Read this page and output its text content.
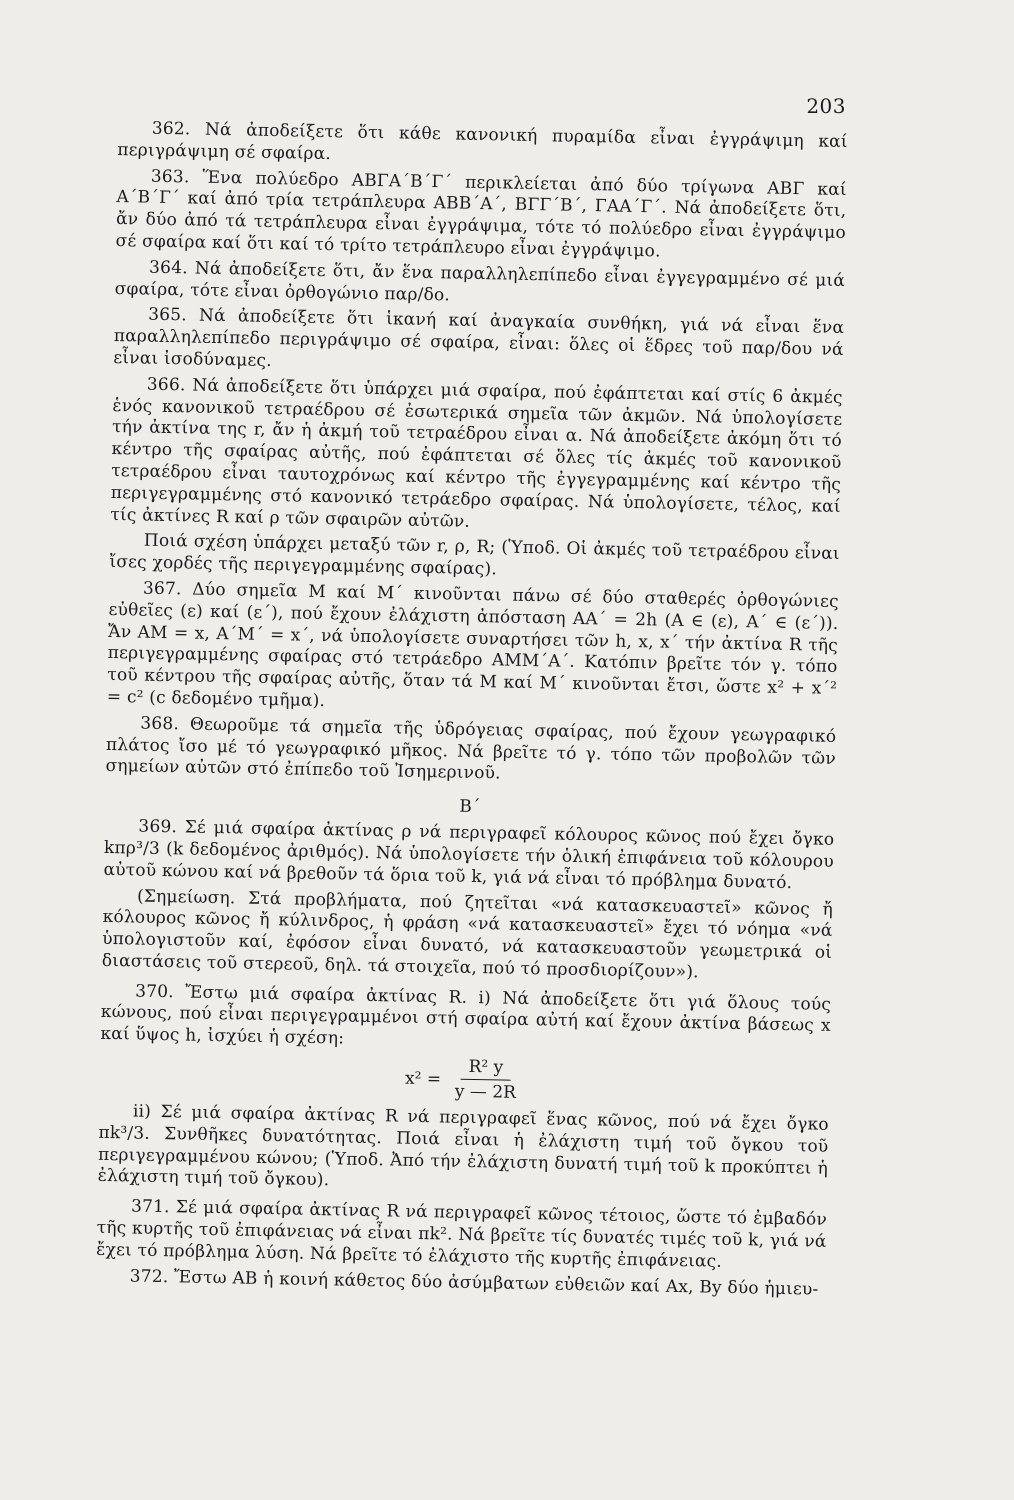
203

362. Νά ἀποδείξετε ὅτι κάθε κανονική πυραμίδα εἶναι ἐγγράψιμη καί περιγράψιμη σέ σφαίρα.

363. Ἕνα πολύεδρο ΑΒΓΑ΄Β΄Γ΄ περικλείεται ἀπό δύο τρίγωνα ΑΒΓ καί Α΄Β΄Γ΄ καί ἀπό τρία τετράπλευρα ΑΒΒ΄Α΄, ΒΓΓ΄Β΄, ΓΑΑ΄Γ΄. Νά ἀποδείξετε ὅτι, ἄν δύο ἀπό τά τετράπλευρα εἶναι ἐγγράψιμα, τότε τό πολύεδρο εἶναι ἐγγράψιμο σέ σφαίρα καί ὅτι καί τό τρίτο τετράπλευρο εἶναι ἐγγράψιμο.

364. Νά ἀποδείξετε ὅτι, ἄν ἕνα παραλληλεπίπεδο εἶναι ἐγγεγραμμένο σέ μιά σφαίρα, τότε εἶναι ὀρθογώνιο παρ/δο.

365. Νά ἀποδείξετε ὅτι ἱκανή καί ἀναγκαία συνθήκη, γιά νά εἶναι ἕνα παραλληλεπίπεδο περιγράψιμο σέ σφαίρα, εἶναι: ὅλες οἱ ἕδρες τοῦ παρ/δου νά εἶναι ἰσοδύναμες.

366. Νά ἀποδείξετε ὅτι ὑπάρχει μιά σφαίρα, πού ἐφάπτεται καί στίς 6 ἀκμές ἑνός κανονικοῦ τετραέδρου σέ ἐσωτερικά σημεῖα τῶν ἀκμῶν. Νά ὑπολογίσετε τήν ἀκτίνα της r, ἄν ἡ ἀκμή τοῦ τετραέδρου εἶναι α. Νά ἀποδείξετε ἀκόμη ὅτι τό κέντρο τῆς σφαίρας αὐτῆς, πού ἐφάπτεται σέ ὅλες τίς ἀκμές τοῦ κανονικοῦ τετραέδρου εἶναι ταυτοχρόνως καί κέντρο τῆς ἐγγεγραμμένης καί κέντρο τῆς περιγεγραμμένης στό κανονικό τετράεδρο σφαίρας. Νά ὑπολογίσετε, τέλος, καί τίς ἀκτίνες R καί ρ τῶν σφαιρῶν αὐτῶν.

Ποιά σχέση ὑπάρχει μεταξύ τῶν r, ρ, R; (Ὑποδ. Οἱ ἀκμές τοῦ τετραέδρου εἶναι ἴσες χορδές τῆς περιγεγραμμένης σφαίρας).

367. Δύο σημεῖα Μ καί Μ΄ κινοῦνται πάνω σέ δύο σταθερές ὀρθογώνιες εὐθεῖες (ε) καί (ε΄), πού ἔχουν ἐλάχιστη ἀπόσταση ΑΑ΄ = 2h (Α ∈ (ε), Α΄ ∈ (ε΄)). Ἄν ΑΜ = x, Α΄Μ΄ = x΄, νά ὑπολογίσετε συναρτήσει τῶν h, x, x΄ τήν ἀκτίνα R τῆς περιγεγραμμένης σφαίρας στό τετράεδρο ΑΜΜ΄Α΄. Κατόπιν βρεῖτε τόν γ. τόπο τοῦ κέντρου τῆς σφαίρας αὐτῆς, ὅταν τά Μ καί Μ΄ κινοῦνται ἔτσι, ὥστε x² + x΄² = c² (c δεδομένο τμῆμα).

368. Θεωροῦμε τά σημεῖα τῆς ὑδρόγειας σφαίρας, πού ἔχουν γεωγραφικό πλάτος ἴσο μέ τό γεωγραφικό μῆκος. Νά βρεῖτε τό γ. τόπο τῶν προβολῶν τῶν σημείων αὐτῶν στό ἐπίπεδο τοῦ Ἰσημερινοῦ.

Β΄

369. Σέ μιά σφαίρα ἀκτίνας ρ νά περιγραφεῖ κόλουρος κῶνος πού ἔχει ὄγκο kπρ³/3 (k δεδομένος ἀριθμός). Νά ὑπολογίσετε τήν ὁλική ἐπιφάνεια τοῦ κόλουρου αὐτοῦ κώνου καί νά βρεθοῦν τά ὅρια τοῦ k, γιά νά εἶναι τό πρόβλημα δυνατό.

(Σημείωση. Στά προβλήματα, πού ζητεῖται «νά κατασκευαστεῖ» κῶνος ἤ κόλουρος κῶνος ἤ κύλινδρος, ἡ φράση «νά κατασκευαστεῖ» ἔχει τό νόημα «νά ὑπολογιστοῦν καί, ἐφόσον εἶναι δυνατό, νά κατασκευαστοῦν γεωμετρικά οἱ διαστάσεις τοῦ στερεοῦ, δηλ. τά στοιχεῖα, πού τό προσδιορίζουν»).

370. Ἔστω μιά σφαίρα ἀκτίνας R. i) Νά ἀποδείξετε ὅτι γιά ὅλους τούς κώνους, πού εἶναι περιγεγραμμένοι στή σφαίρα αὐτή καί ἔχουν ἀκτίνα βάσεως x καί ὕψος h, ἰσχύει ἡ σχέση:

$x^2 = \frac{\text{R² y}}{y — 2R}$

ii) Σέ μιά σφαίρα ἀκτίνας R νά περιγραφεῖ ἕνας κῶνος, πού νά ἔχει ὄγκο πk³/3. Συνθῆκες δυνατότητας. Ποιά εἶναι ἡ ἐλάχιστη τιμή τοῦ ὄγκου τοῦ περιγεγραμμένου κώνου; (Ὑποδ. Ἀπό τήν ἐλάχιστη δυνατή τιμή τοῦ k προκύπτει ἡ ἐλάχιστη τιμή τοῦ ὄγκου).

371. Σέ μιά σφαίρα ἀκτίνας R νά περιγραφεῖ κῶνος τέτοιος, ὥστε τό ἐμβαδόν τῆς κυρτῆς τοῦ ἐπιφάνειας νά εἶναι πk². Νά βρεῖτε τίς δυνατές τιμές τοῦ k, γιά νά ἔχει τό πρόβλημα λύση. Νά βρεῖτε τό ἐλάχιστο τῆς κυρτῆς ἐπιφάνειας.

372. Ἔστω ΑΒ ἡ κοινή κάθετος δύο ἀσύμβατων εὐθειῶν καί Αx, Βy δύο ἡμιευ-
